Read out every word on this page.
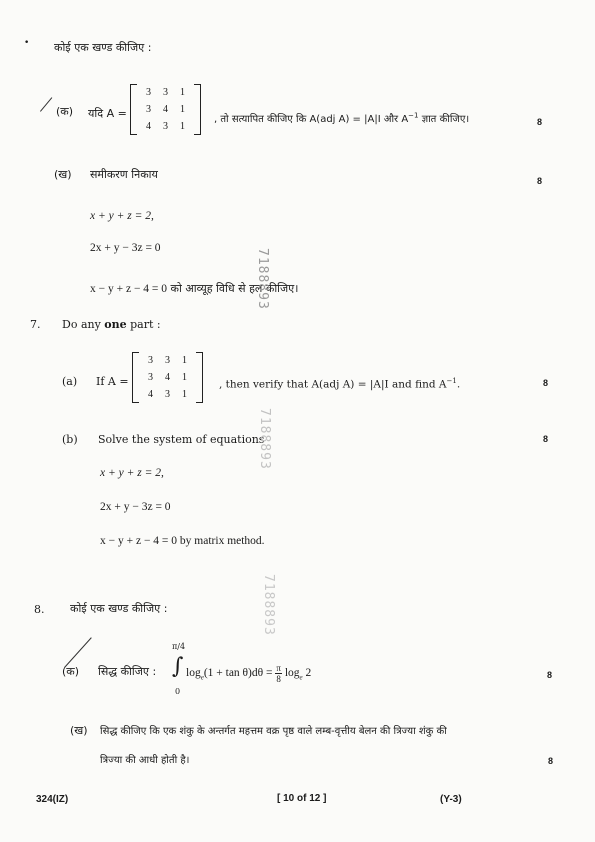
• कोई एक खण्ड कीजिए :
(क) यदि A =
3	3	1
3	4	1
4	3	1
, तो सत्यापित कीजिए कि A(adj A) = |A|I और $A^{-1}$ ज्ञात कीजिए।	8
(ख) समीकरण निकाय	8
x + y + z = 2,
2x + y − 3z = 0
x − y + z − 4 = 0 को आव्यूह विधि से हल कीजिए।
7. Do any one part :
(a) If A =
3	3	1
3	4	1
4	3	1
, then verify that A(adj A) = |A|I and find $A^{-1}$.	8
(b) Solve the system of equations	8
x + y + z = 2,
2x + y − 3z = 0
x − y + z − 4 = 0 by matrix method.
8. कोई एक खण्ड कीजिए :
(क) सिद्ध कीजिए :
π/4
∫
0
$\log_e(1 + \tan \theta)d\theta = \frac{\pi}{8} \log_e 2$	8
(ख) सिद्ध कीजिए कि एक शंकु के अन्तर्गत महत्तम वक्र पृष्ठ वाले लम्ब-वृत्तीय बेलन की त्रिज्या शंकु की
त्रिज्या की आधी होती है।	8
7188893
7188893
7188893
324(IZ)	[ 10 of 12 ]	(Y-3)
